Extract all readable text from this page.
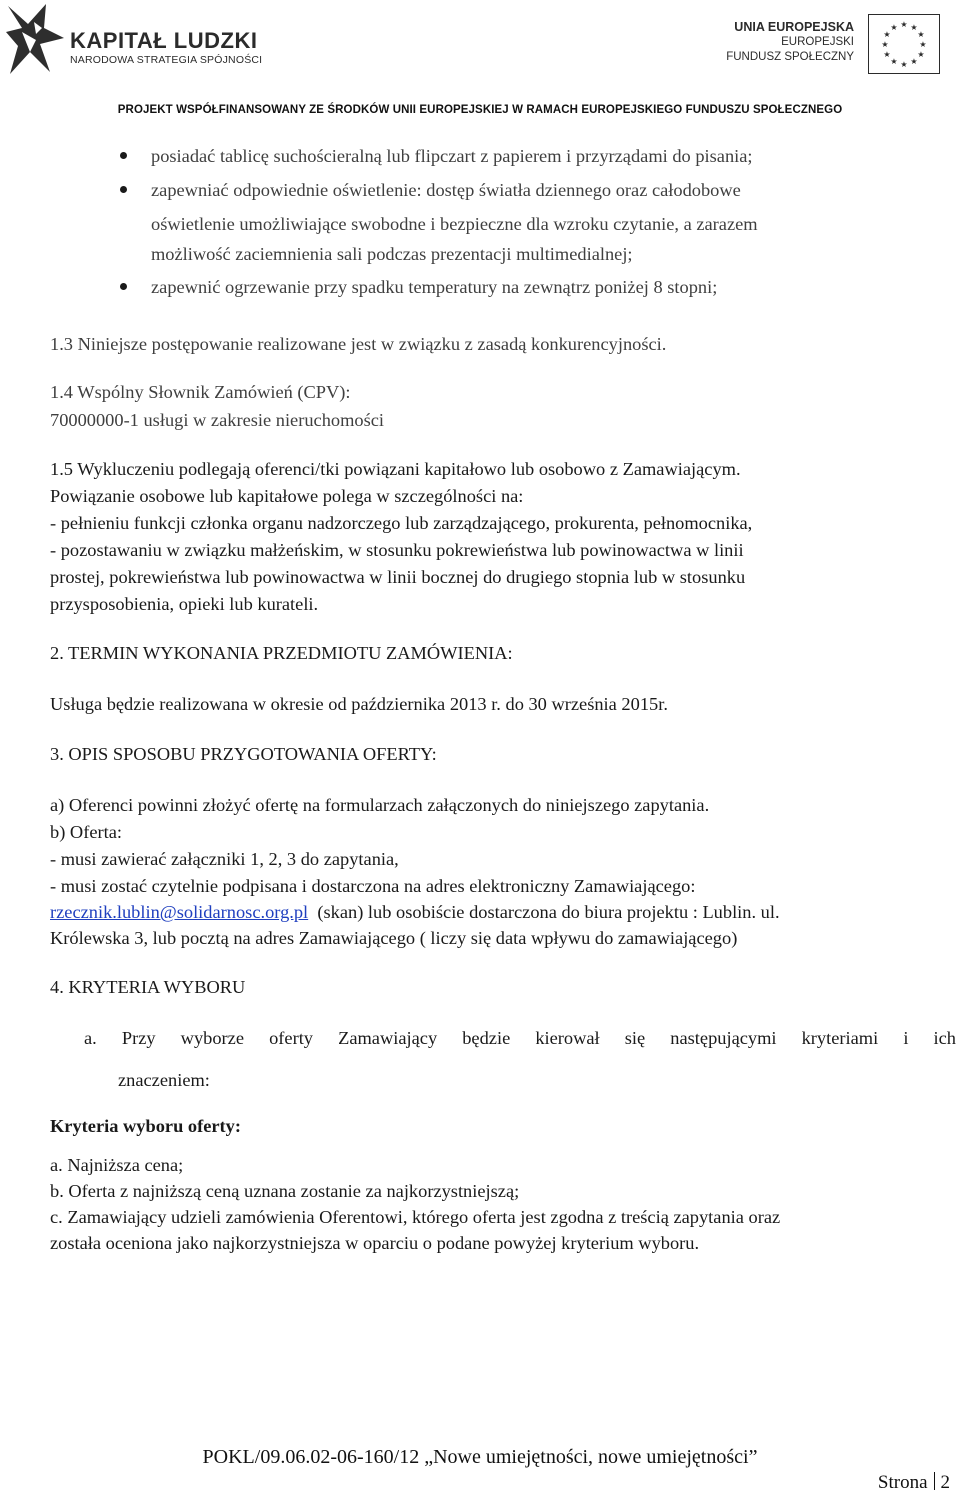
KAPITAŁ LUDZKI
NARODOWA STRATEGIA SPÓJNOŚCI
UNIA EUROPEJSKA
EUROPEJSKI
FUNDUSZ SPOŁECZNY
★ ★
★
★
★
★
★
★
★
★
★
★
PROJEKT WSPÓŁFINANSOWANY ZE ŚRODKÓW UNII EUROPEJSKIEJ W RAMACH EUROPEJSKIEGO FUNDUSZU SPOŁECZNEGO
posiadać tablicę suchościeralną lub flipczart z papierem i przyrządami do pisania;
zapewniać odpowiednie oświetlenie: dostęp światła dziennego oraz całodobowe
oświetlenie umożliwiające swobodne i bezpieczne dla wzroku czytanie, a zarazem
możliwość zaciemnienia sali podczas prezentacji multimedialnej;
zapewnić ogrzewanie przy spadku temperatury na zewnątrz poniżej 8 stopni;
1.3 Niniejsze postępowanie realizowane jest w związku z zasadą konkurencyjności.
1.4 Wspólny Słownik Zamówień (CPV):
70000000-1 usługi w zakresie nieruchomości
1.5 Wykluczeniu podlegają oferenci/tki powiązani kapitałowo lub osobowo z Zamawiającym.
Powiązanie osobowe lub kapitałowe polega w szczególności na:
- pełnieniu funkcji członka organu nadzorczego lub zarządzającego, prokurenta, pełnomocnika,
- pozostawaniu w związku małżeńskim, w stosunku pokrewieństwa lub powinowactwa w linii
prostej, pokrewieństwa lub powinowactwa w linii bocznej do drugiego stopnia lub w stosunku
przysposobienia, opieki lub kurateli.
2. TERMIN WYKONANIA PRZEDMIOTU ZAMÓWIENIA:
Usługa będzie realizowana w okresie od października 2013 r. do 30 września 2015r.
3. OPIS SPOSOBU PRZYGOTOWANIA OFERTY:
a) Oferenci powinni złożyć ofertę na formularzach załączonych do niniejszego zapytania.
b) Oferta:
- musi zawierać załączniki 1, 2, 3 do zapytania,
- musi zostać czytelnie podpisana i dostarczona na adres elektroniczny Zamawiającego:
rzecznik.lublin@solidarnosc.org.pl  (skan) lub osobiście dostarczona do biura projektu : Lublin. ul.
Królewska 3, lub pocztą na adres Zamawiającego ( liczy się data wpływu do zamawiającego)
4. KRYTERIA WYBORU
a. Przy wyborze oferty Zamawiający będzie kierował się następującymi kryteriami i ich
znaczeniem:
Kryteria wyboru oferty:
a. Najniższa cena;
b. Oferta z najniższą ceną uznana zostanie za najkorzystniejszą;
c. Zamawiający udzieli zamówienia Oferentowi, którego oferta jest zgodna z treścią zapytania oraz
została oceniona jako najkorzystniejsza w oparciu o podane powyżej kryterium wyboru.
POKL/09.06.02-06-160/12 „Nowe umiejętności, nowe umiejętności”
Strona 2
